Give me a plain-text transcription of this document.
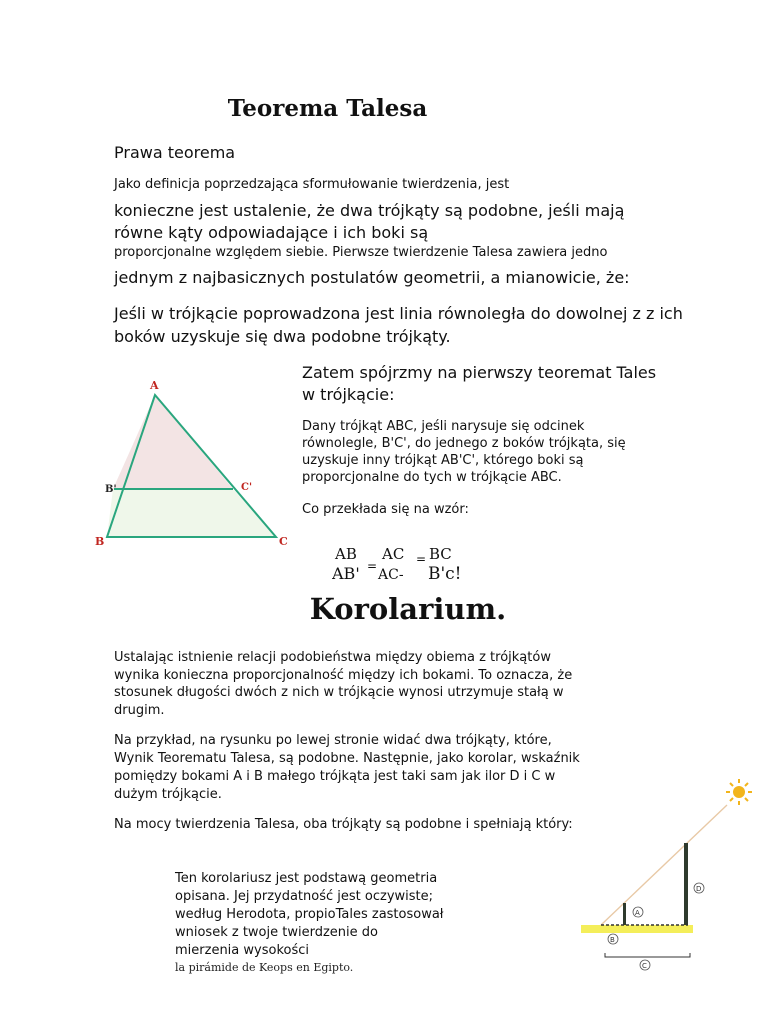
Teorema Talesa
Prawa teorema
Jako definicja poprzedzająca sformułowanie twierdzenia, jest
konieczne jest ustalenie, że dwa trójkąty są podobne, jeśli mają równe kąty odpowiadające i ich boki są
proporcjonalne względem siebie. Pierwsze twierdzenie Talesa zawiera jedno
jednym z najbasicznych postulatów geometrii, a mianowicie, że:
Jeśli w trójkącie poprowadzona jest linia równoległa do dowolnej z z ich boków uzyskuje się dwa podobne trójkąty.
A
B'	C'
B	C
Zatem spójrzmy na pierwszy teoremat Tales w trójkącie:
Dany trójkąt ABC, jeśli narysuje się odcinek równolegle, B'C', do jednego z boków trójkąta, się uzyskuje inny trójkąt AB'C', którego boki są proporcjonalne do tych w trójkącie ABC.
Co przekłada się na wzór:
AB
AB' =
AC
AC-
= BC
B'c!
Korolarium.
Ustalając istnienie relacji podobieństwa między obiema z trójkątów wynika konieczna proporcjonalność między ich bokami. To oznacza, że stosunek długości dwóch z nich w trójkącie wynosi utrzymuje stałą w drugim.
Na przykład, na rysunku po lewej stronie widać dwa trójkąty, które, Wynik Teorematu Talesa, są podobne. Następnie, jako korolar, wskaźnik pomiędzy bokami A i B małego trójkąta jest taki sam jak ilor D i C w dużym trójkącie.
Na mocy twierdzenia Talesa, oba trójkąty są podobne i spełniają który:
Ten korolariusz jest podstawą geometria opisana. Jej przydatność jest oczywiste; według Herodota, propioTales zastosował wniosek z twoje twierdzenie do mierzenia wysokości
la pirámide de Keops en Egipto.
A
D
B
C
